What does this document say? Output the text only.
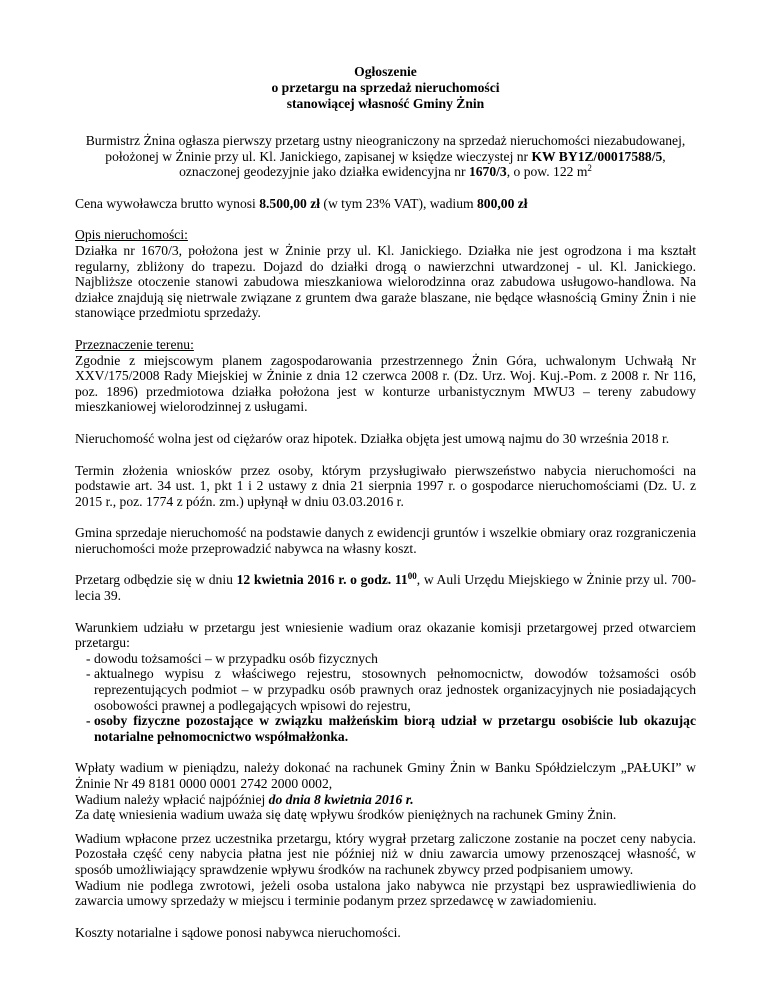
Ogłoszenie
o przetargu na sprzedaż nieruchomości
stanowiącej własność Gminy Żnin
Burmistrz Żnina ogłasza pierwszy przetarg ustny nieograniczony na sprzedaż nieruchomości niezabudowanej, położonej w Żninie przy ul. Kl. Janickiego, zapisanej w księdze wieczystej nr KW BY1Z/00017588/5, oznaczonej geodezyjnie jako działka ewidencyjna nr 1670/3, o pow. 122 $m^2$

Cena wywoławcza brutto wynosi 8.500,00 zł (w tym 23% VAT), wadium 800,00 zł

Opis nieruchomości:
Działka nr 1670/3, położona jest w Żninie przy ul. Kl. Janickiego. Działka nie jest ogrodzona i ma kształt regularny, zbliżony do trapezu. Dojazd do działki drogą o nawierzchni utwardzonej - ul. Kl. Janickiego. Najbliższe otoczenie stanowi zabudowa mieszkaniowa wielorodzinna oraz zabudowa usługowo-handlowa. Na działce znajdują się nietrwale związane z gruntem dwa garaże blaszane, nie będące własnością Gminy Żnin i nie stanowiące przedmiotu sprzedaży.

Przeznaczenie terenu:
Zgodnie z miejscowym planem zagospodarowania przestrzennego Żnin Góra, uchwalonym Uchwałą Nr XXV/175/2008 Rady Miejskiej w Żninie z dnia 12 czerwca 2008 r. (Dz. Urz. Woj. Kuj.-Pom. z 2008 r. Nr 116, poz. 1896) przedmiotowa działka położona jest w konturze urbanistycznym MWU3 – tereny zabudowy mieszkaniowej wielorodzinnej z usługami.

Nieruchomość wolna jest od ciężarów oraz hipotek. Działka objęta jest umową najmu do 30 września 2018 r.

Termin złożenia wniosków przez osoby, którym przysługiwało pierwszeństwo nabycia nieruchomości na podstawie art. 34 ust. 1, pkt 1 i 2 ustawy z dnia 21 sierpnia 1997 r. o gospodarce nieruchomościami (Dz. U. z 2015 r., poz. 1774 z późn. zm.) upłynął w dniu 03.03.2016 r.

Gmina sprzedaje nieruchomość na podstawie danych z ewidencji gruntów i wszelkie obmiary oraz rozgraniczenia nieruchomości może przeprowadzić nabywca na własny koszt.

Przetarg odbędzie się w dniu 12 kwietnia 2016 r. o godz. $11^{00}$, w Auli Urzędu Miejskiego w Żninie przy ul. 700-lecia 39.

Warunkiem udziału w przetargu jest wniesienie wadium oraz okazanie komisji przetargowej przed otwarciem przetargu:
- dowodu tożsamości – w przypadku osób fizycznych
- aktualnego wypisu z właściwego rejestru, stosownych pełnomocnictw, dowodów tożsamości osób reprezentujących podmiot – w przypadku osób prawnych oraz jednostek organizacyjnych nie posiadających osobowości prawnej a podlegających wpisowi do rejestru,
- osoby fizyczne pozostające w związku małżeńskim biorą udział w przetargu osobiście lub okazując notarialne pełnomocnictwo współmałżonka.

Wpłaty wadium w pieniądzu, należy dokonać na rachunek Gminy Żnin w Banku Spółdzielczym „PAŁUKI” w Żninie Nr 49 8181 0000 0001 2742 2000 0002,
Wadium należy wpłacić najpóźniej do dnia 8 kwietnia 2016 r.
Za datę wniesienia wadium uważa się datę wpływu środków pieniężnych na rachunek Gminy Żnin.

Wadium wpłacone przez uczestnika przetargu, który wygrał przetarg zaliczone zostanie na poczet ceny nabycia. Pozostała część ceny nabycia płatna jest nie później niż w dniu zawarcia umowy przenoszącej własność, w sposób umożliwiający sprawdzenie wpływu środków na rachunek zbywcy przed podpisaniem umowy.
Wadium nie podlega zwrotowi, jeżeli osoba ustalona jako nabywca nie przystąpi bez usprawiedliwienia do zawarcia umowy sprzedaży w miejscu i terminie podanym przez sprzedawcę w zawiadomieniu.

Koszty notarialne i sądowe ponosi nabywca nieruchomości.
